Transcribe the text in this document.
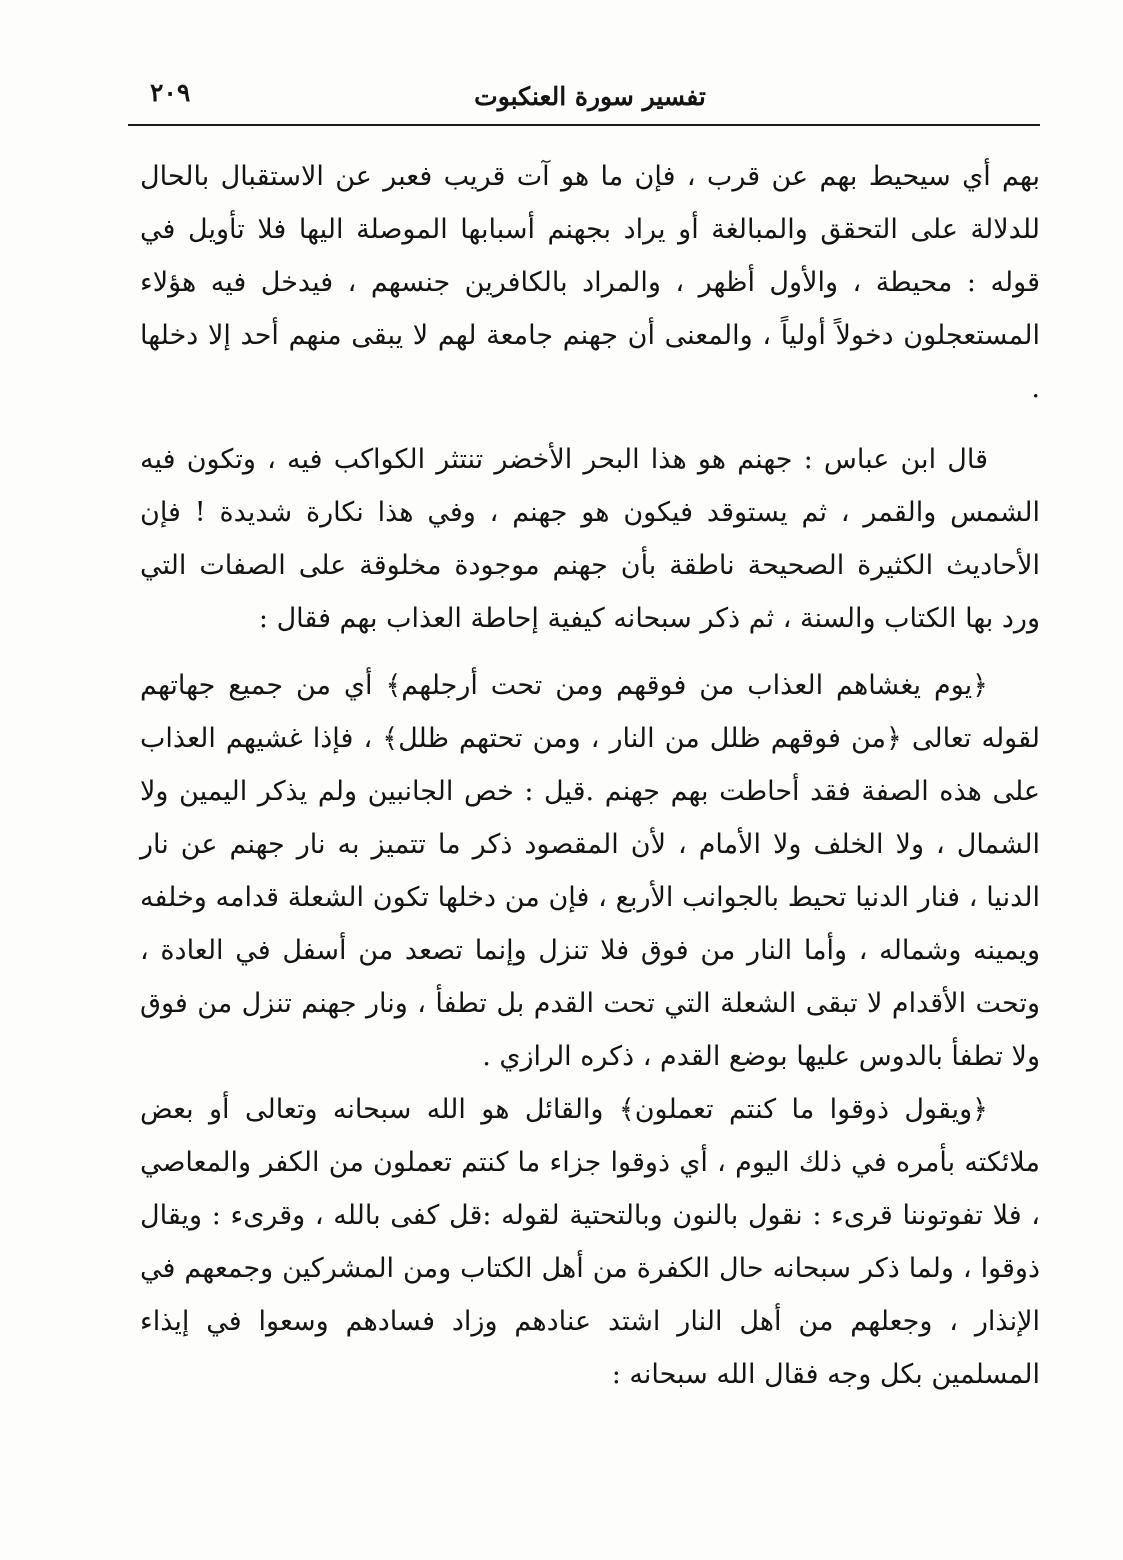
تفسير سورة العنكبوت
٢٠٩

بهم أي سيحيط بهم عن قرب ، فإن ما هو آت قريب فعبر عن الاستقبال بالحال للدلالة على التحقق والمبالغة أو يراد بجهنم أسبابها الموصلة اليها فلا تأويل في قوله : محيطة ، والأول أظهر ، والمراد بالكافرين جنسهم ، فيدخل فيه هؤلاء المستعجلون دخولاً أولياً ، والمعنى أن جهنم جامعة لهم لا يبقى منهم أحد إلا دخلها .

قال ابن عباس : جهنم هو هذا البحر الأخضر تنتثر الكواكب فيه ، وتكون فيه الشمس والقمر ، ثم يستوقد فيكون هو جهنم ، وفي هذا نكارة شديدة ! فإن الأحاديث الكثيرة الصحيحة ناطقة بأن جهنم موجودة مخلوقة على الصفات التي ورد بها الكتاب والسنة ، ثم ذكر سبحانه كيفية إحاطة العذاب بهم فقال :

﴿يوم يغشاهم العذاب من فوقهم ومن تحت أرجلهم﴾ أي من جميع جهاتهم لقوله تعالى ﴿من فوقهم ظلل من النار ، ومن تحتهم ظلل﴾ ، فإذا غشيهم العذاب على هذه الصفة فقد أحاطت بهم جهنم .قيل : خص الجانبين ولم يذكر اليمين ولا الشمال ، ولا الخلف ولا الأمام ، لأن المقصود ذكر ما تتميز به نار جهنم عن نار الدنيا ، فنار الدنيا تحيط بالجوانب الأربع ، فإن من دخلها تكون الشعلة قدامه وخلفه ويمينه وشماله ، وأما النار من فوق فلا تنزل وإنما تصعد من أسفل في العادة ، وتحت الأقدام لا تبقى الشعلة التي تحت القدم بل تطفأ ، ونار جهنم تنزل من فوق ولا تطفأ بالدوس عليها بوضع القدم ، ذكره الرازي .

﴿ويقول ذوقوا ما كنتم تعملون﴾ والقائل هو الله سبحانه وتعالى أو بعض ملائكته بأمره في ذلك اليوم ، أي ذوقوا جزاء ما كنتم تعملون من الكفر والمعاصي ، فلا تفوتوننا قرىء : نقول بالنون وبالتحتية لقوله :قل كفى بالله ، وقرىء : ويقال ذوقوا ، ولما ذكر سبحانه حال الكفرة من أهل الكتاب ومن المشركين وجمعهم في الإنذار ، وجعلهم من أهل النار اشتد عنادهم وزاد فسادهم وسعوا في إيذاء المسلمين بكل وجه فقال الله سبحانه :
